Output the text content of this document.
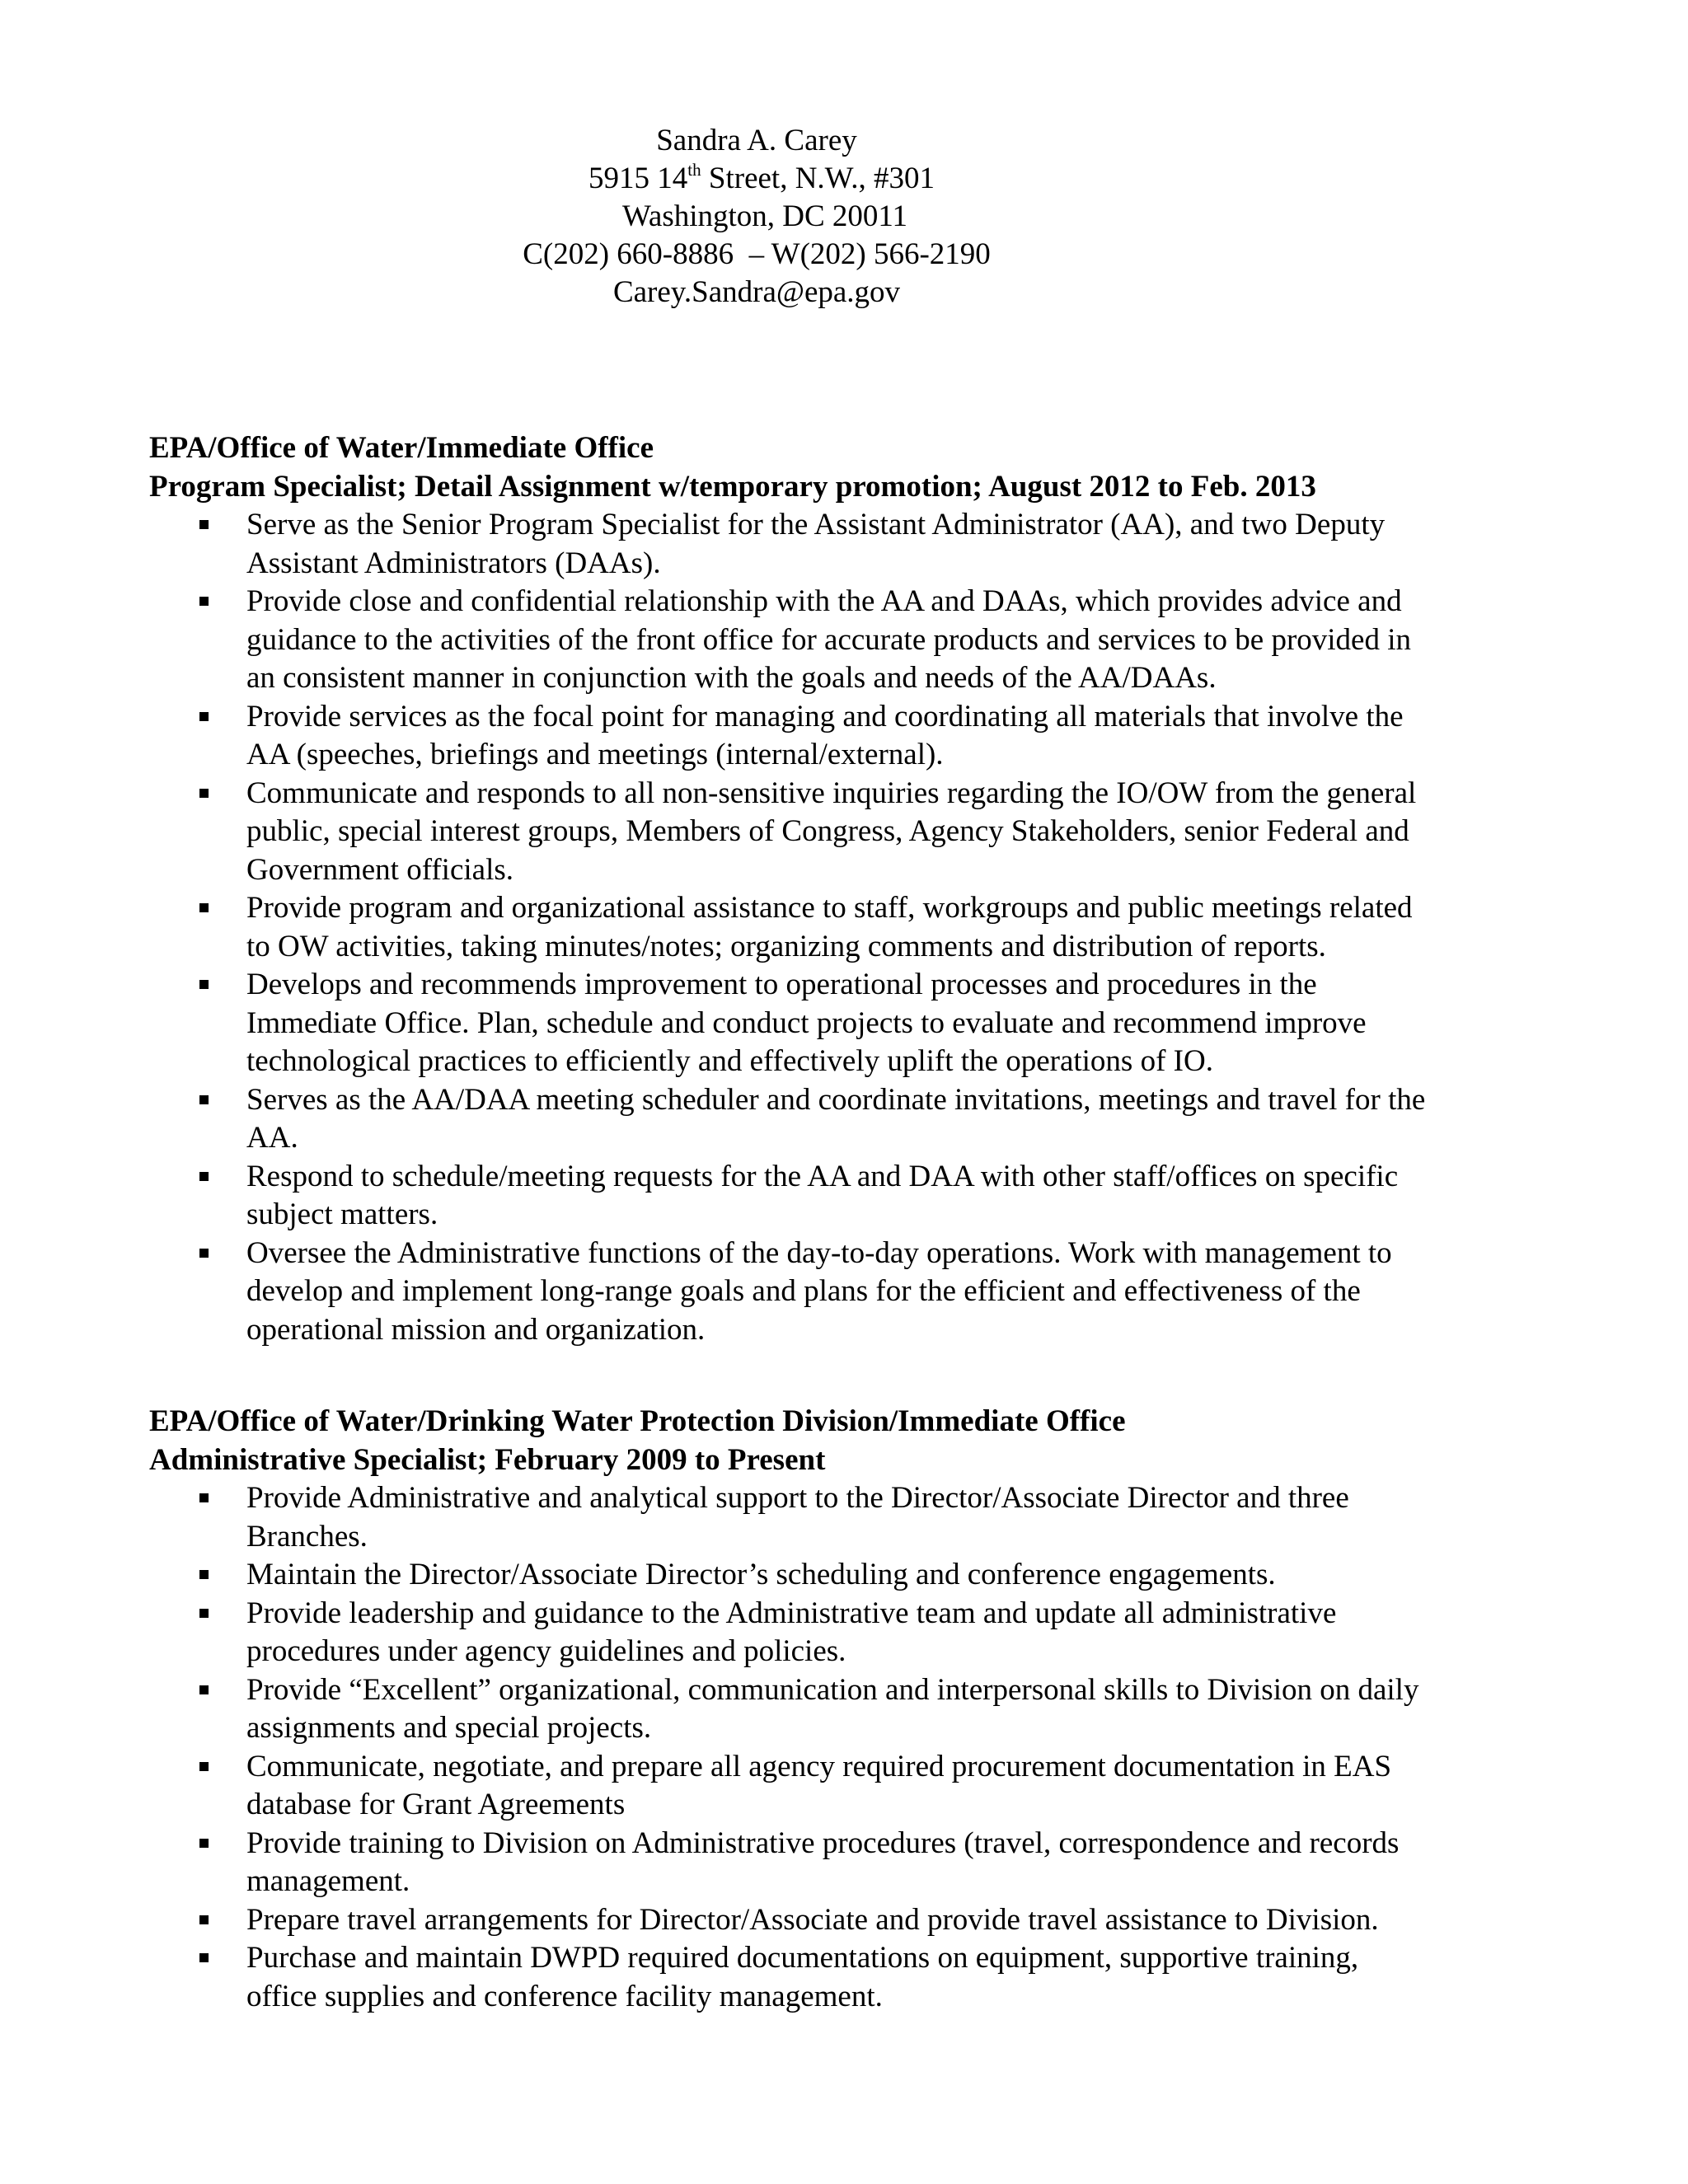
Sandra A. Carey
5915 14th Street, N.W., #301
Washington, DC 20011
C(202) 660-8886  – W(202) 566-2190
Carey.Sandra@epa.gov
EPA/Office of Water/Immediate Office
Program Specialist; Detail Assignment w/temporary promotion; August 2012 to Feb. 2013
Serve as the Senior Program Specialist for the Assistant Administrator (AA), and two Deputy
Assistant Administrators (DAAs).
Provide close and confidential relationship with the AA and DAAs, which provides advice and
guidance to the activities of the front office for accurate products and services to be provided in
an consistent manner in conjunction with the goals and needs of the AA/DAAs.
Provide services as the focal point for managing and coordinating all materials that involve the
AA (speeches, briefings and meetings (internal/external).
Communicate and responds to all non-sensitive inquiries regarding the IO/OW from the general
public, special interest groups, Members of Congress, Agency Stakeholders, senior Federal and
Government officials.
Provide program and organizational assistance to staff, workgroups and public meetings related
to OW activities, taking minutes/notes; organizing comments and distribution of reports.
Develops and recommends improvement to operational processes and procedures in the
Immediate Office. Plan, schedule and conduct projects to evaluate and recommend improve
technological practices to efficiently and effectively uplift the operations of IO.
Serves as the AA/DAA meeting scheduler and coordinate invitations, meetings and travel for the
AA.
Respond to schedule/meeting requests for the AA and DAA with other staff/offices on specific
subject matters.
Oversee the Administrative functions of the day-to-day operations. Work with management to
develop and implement long-range goals and plans for the efficient and effectiveness of the
operational mission and organization.
EPA/Office of Water/Drinking Water Protection Division/Immediate Office
Administrative Specialist; February 2009 to Present
Provide Administrative and analytical support to the Director/Associate Director and three
Branches.
Maintain the Director/Associate Director’s scheduling and conference engagements.
Provide leadership and guidance to the Administrative team and update all administrative
procedures under agency guidelines and policies.
Provide “Excellent” organizational, communication and interpersonal skills to Division on daily
assignments and special projects.
Communicate, negotiate, and prepare all agency required procurement documentation in EAS
database for Grant Agreements
Provide training to Division on Administrative procedures (travel, correspondence and records
management.
Prepare travel arrangements for Director/Associate and provide travel assistance to Division.
Purchase and maintain DWPD required documentations on equipment, supportive training,
office supplies and conference facility management.
